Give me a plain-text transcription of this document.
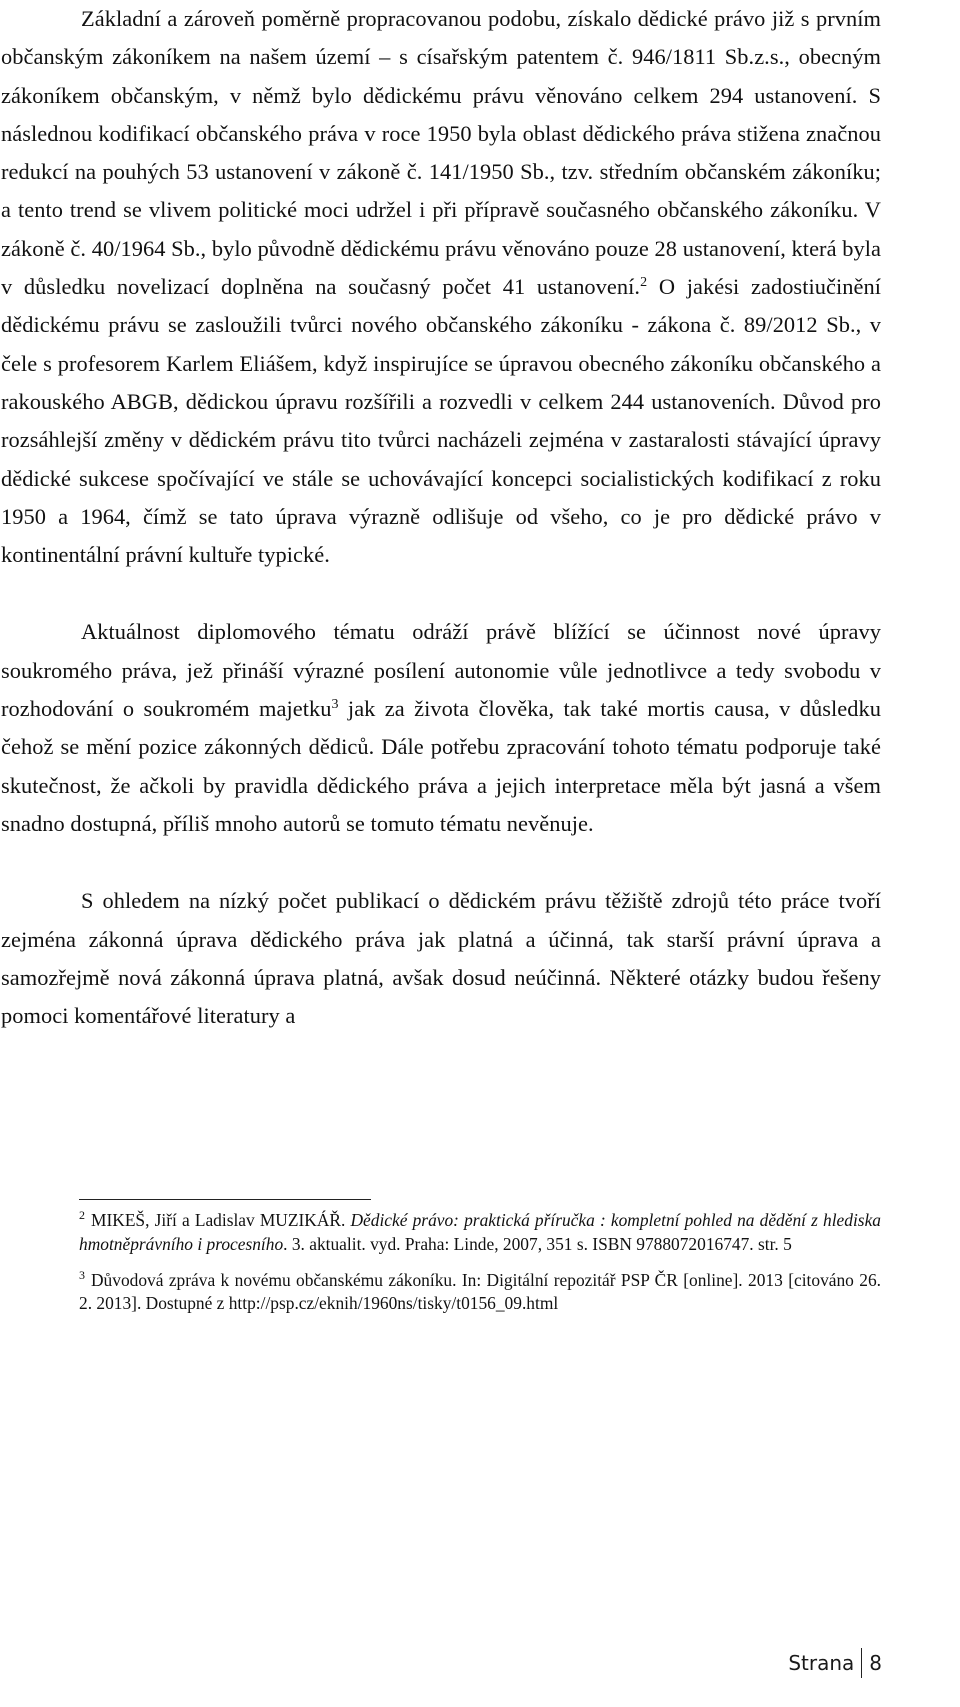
Základní a zároveň poměrně propracovanou podobu, získalo dědické právo již s prvním občanským zákoníkem na našem území – s císařským patentem č. 946/1811 Sb.z.s., obecným zákoníkem občanským, v němž bylo dědickému právu věnováno celkem 294 ustanovení. S následnou kodifikací občanského práva v roce 1950 byla oblast dědického práva stižena značnou redukcí na pouhých 53 ustanovení v zákoně č. 141/1950 Sb., tzv. středním občanském zákoníku; a tento trend se vlivem politické moci udržel i při přípravě současného občanského zákoníku. V zákoně č. 40/1964 Sb., bylo původně dědickému právu věnováno pouze 28 ustanovení, která byla v důsledku novelizací doplněna na současný počet 41 ustanovení.$^2$ O jakési zadostiučinění dědickému právu se zasloužili tvůrci nového občanského zákoníku - zákona č. 89/2012 Sb., v čele s profesorem Karlem Eliášem, když inspirujíce se úpravou obecného zákoníku občanského a rakouského ABGB, dědickou úpravu rozšířili a rozvedli v celkem 244 ustanoveních. Důvod pro rozsáhlejší změny v dědickém právu tito tvůrci nacházeli zejména v zastaralosti stávající úpravy dědické sukcese spočívající ve stále se uchovávající koncepci socialistických kodifikací z roku 1950 a 1964, čímž se tato úprava výrazně odlišuje od všeho, co je pro dědické právo v kontinentální právní kultuře typické.

Aktuálnost diplomového tématu odráží právě blížící se účinnost nové úpravy soukromého práva, jež přináší výrazné posílení autonomie vůle jednotlivce a tedy svobodu v rozhodování o soukromém majetku$^3$ jak za života člověka, tak také mortis causa, v důsledku čehož se mění pozice zákonných dědiců. Dále potřebu zpracování tohoto tématu podporuje také skutečnost, že ačkoli by pravidla dědického práva a jejich interpretace měla být jasná a všem snadno dostupná, příliš mnoho autorů se tomuto tématu nevěnuje.

S ohledem na nízký počet publikací o dědickém právu těžiště zdrojů této práce tvoří zejména zákonná úprava dědického práva jak platná a účinná, tak starší právní úprava a samozřejmě nová zákonná úprava platná, avšak dosud neúčinná. Některé otázky budou řešeny pomoci komentářové literatury a

$^2$ MIKEŠ, Jiří a Ladislav MUZIKÁŘ. Dědické právo: praktická příručka : kompletní pohled na dědění z hlediska hmotněprávního i procesního. 3. aktualit. vyd. Praha: Linde, 2007, 351 s. ISBN 9788072016747. str. 5

$^3$ Důvodová zpráva k novému občanskému zákoníku. In: Digitální repozitář PSP ČR [online]. 2013 [citováno 26. 2. 2013]. Dostupné z http://psp.cz/eknih/1960ns/tisky/t0156_09.html

Strana 8
